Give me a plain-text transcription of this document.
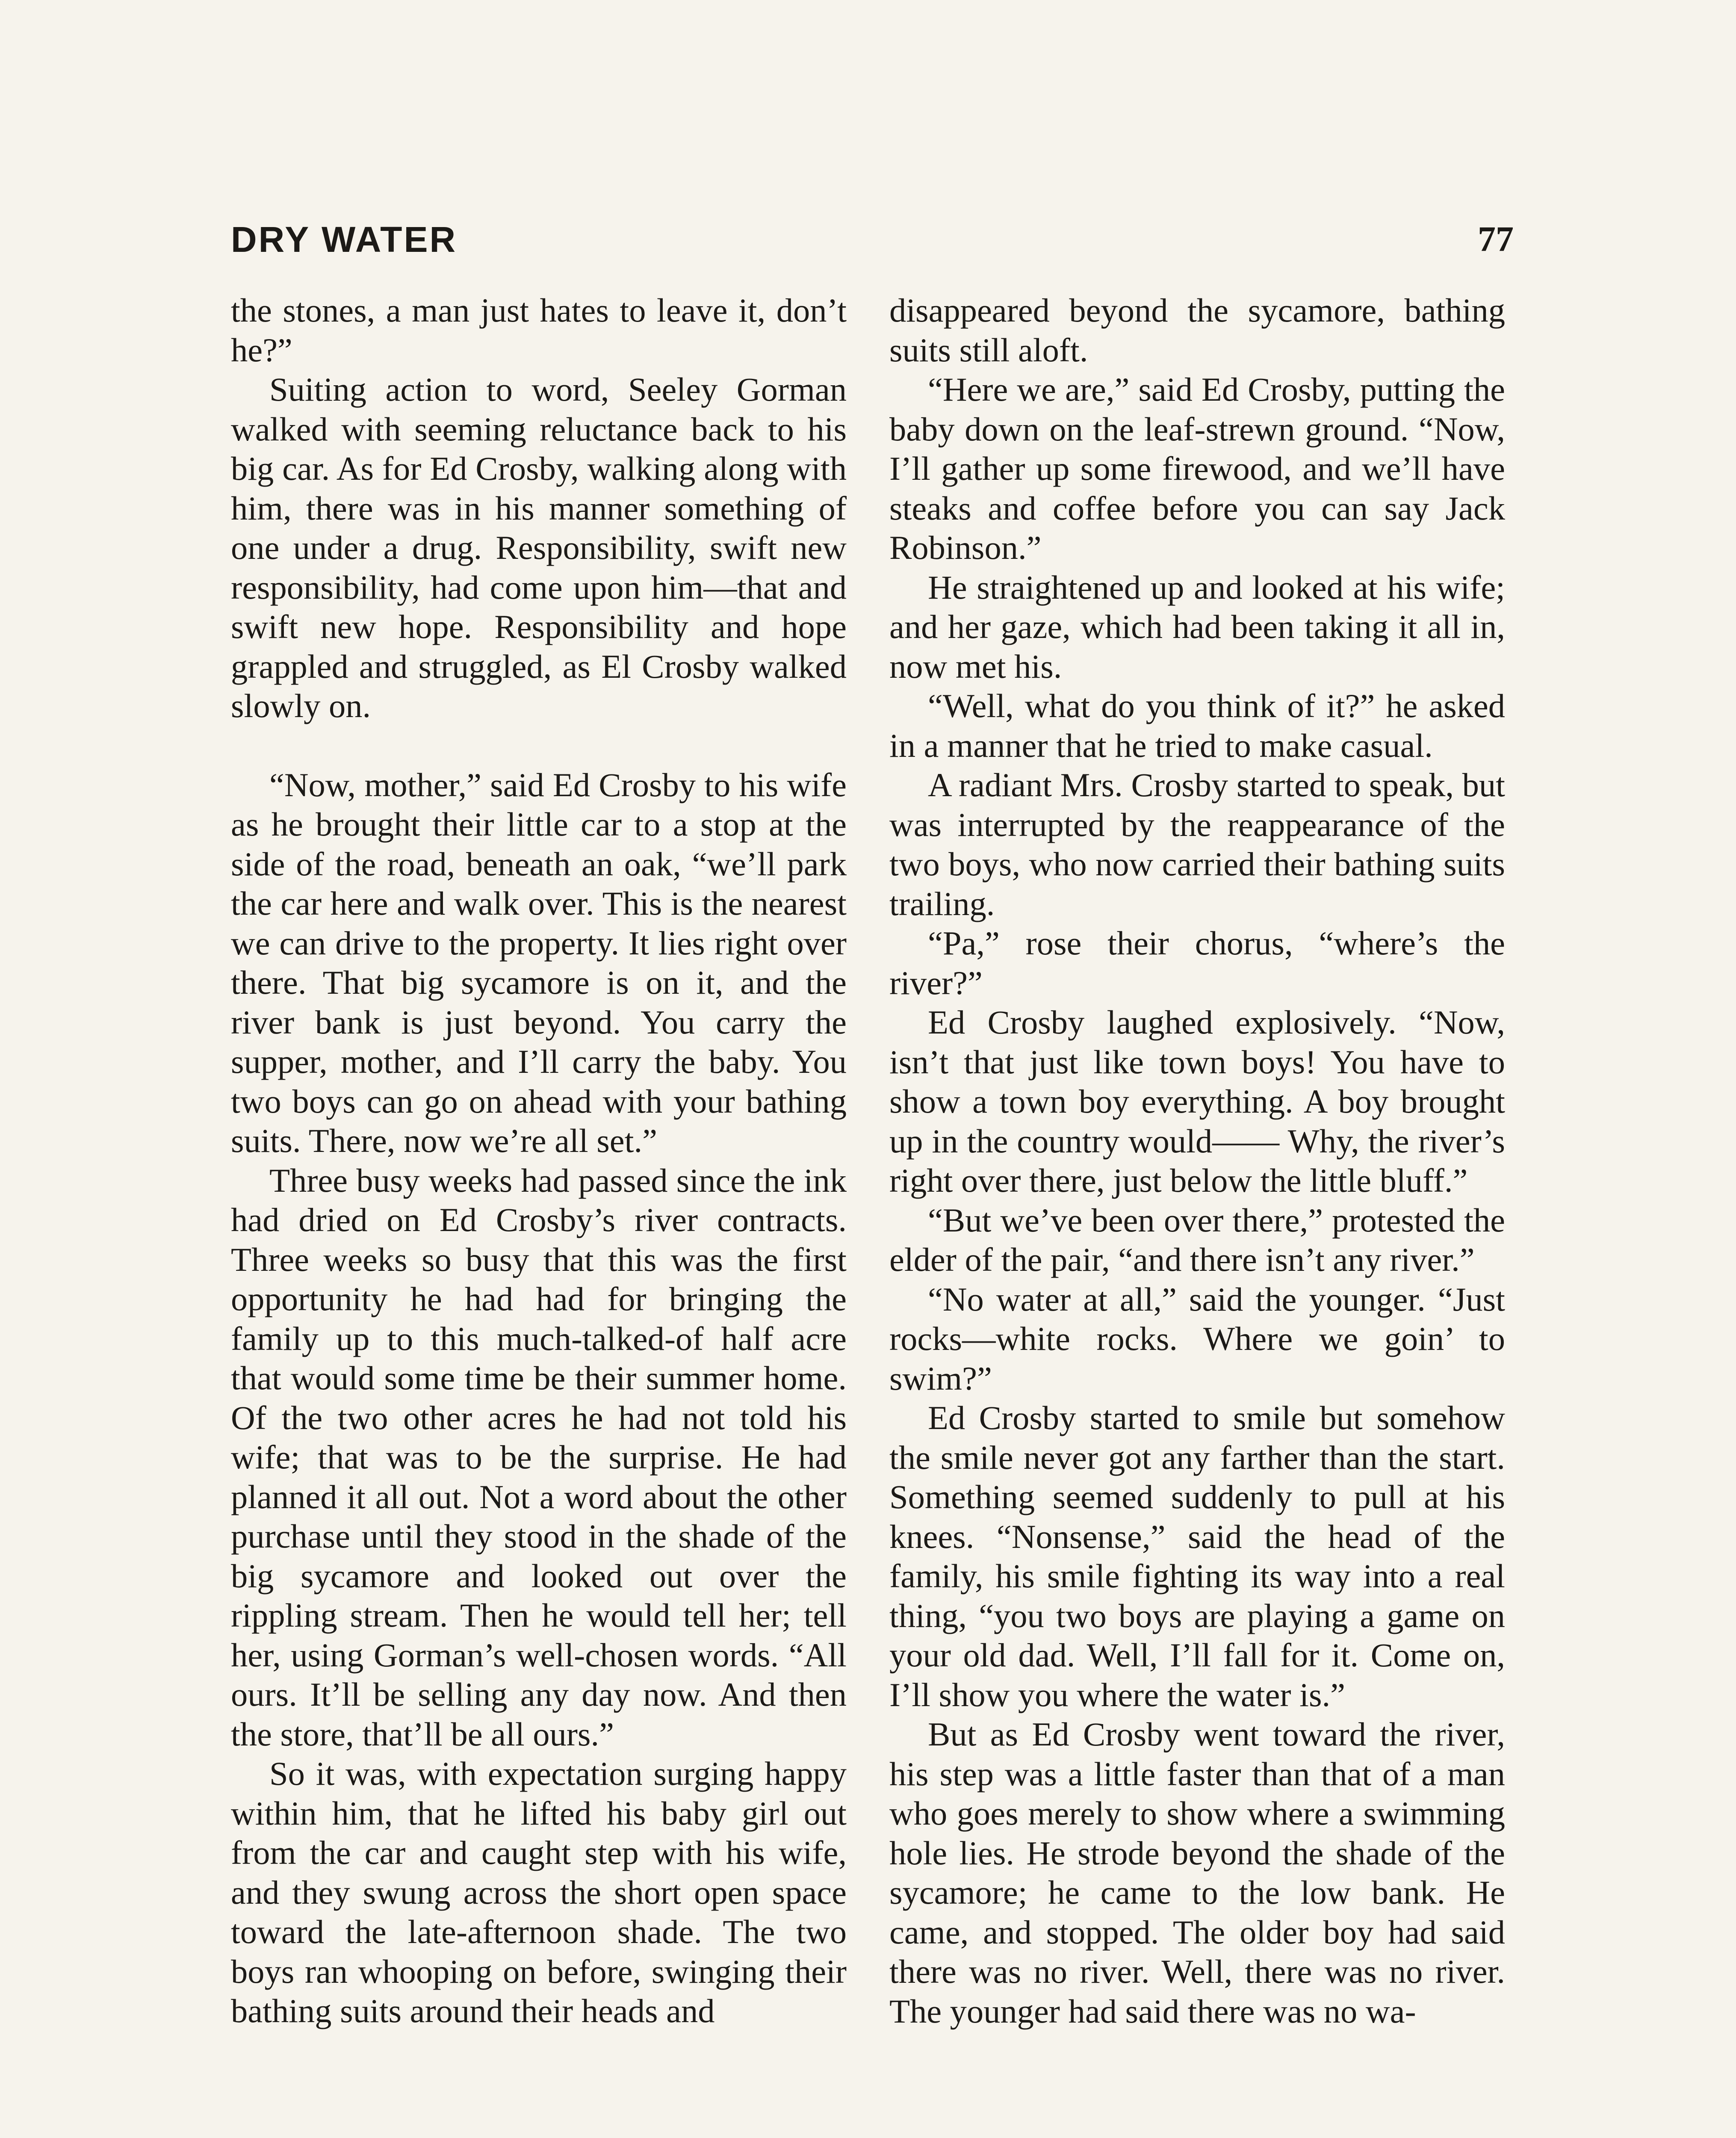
DRY WATER	77

the stones, a man just hates to leave it, don’t he?”

Suiting action to word, Seeley Gorman walked with seeming reluctance back to his big car. As for Ed Crosby, walking along with him, there was in his manner something of one under a drug. Responsibility, swift new responsibility, had come upon him—that and swift new hope. Responsibility and hope grappled and struggled, as El Crosby walked slowly on.

“Now, mother,” said Ed Crosby to his wife as he brought their little car to a stop at the side of the road, beneath an oak, “we’ll park the car here and walk over. This is the nearest we can drive to the property. It lies right over there. That big sycamore is on it, and the river bank is just beyond. You carry the supper, mother, and I’ll carry the baby. You two boys can go on ahead with your bathing suits. There, now we’re all set.”

Three busy weeks had passed since the ink had dried on Ed Crosby’s river contracts. Three weeks so busy that this was the first opportunity he had had for bringing the family up to this much-talked-of half acre that would some time be their summer home. Of the two other acres he had not told his wife; that was to be the surprise. He had planned it all out. Not a word about the other purchase until they stood in the shade of the big sycamore and looked out over the rippling stream. Then he would tell her; tell her, using Gorman’s well-chosen words. “All ours. It’ll be selling any day now. And then the store, that’ll be all ours.”

So it was, with expectation surging happy within him, that he lifted his baby girl out from the car and caught step with his wife, and they swung across the short open space toward the late-afternoon shade. The two boys ran whooping on before, swinging their bathing suits around their heads and

disappeared beyond the sycamore, bathing suits still aloft.

“Here we are,” said Ed Crosby, putting the baby down on the leaf-strewn ground. “Now, I’ll gather up some firewood, and we’ll have steaks and coffee before you can say Jack Robinson.”

He straightened up and looked at his wife; and her gaze, which had been taking it all in, now met his.

“Well, what do you think of it?” he asked in a manner that he tried to make casual.

A radiant Mrs. Crosby started to speak, but was interrupted by the reappearance of the two boys, who now carried their bathing suits trailing.

“Pa,” rose their chorus, “where’s the river?”

Ed Crosby laughed explosively. “Now, isn’t that just like town boys! You have to show a town boy everything. A boy brought up in the country would—— Why, the river’s right over there, just below the little bluff.”

“But we’ve been over there,” protested the elder of the pair, “and there isn’t any river.”

“No water at all,” said the younger. “Just rocks—white rocks. Where we goin’ to swim?”

Ed Crosby started to smile but somehow the smile never got any farther than the start. Something seemed suddenly to pull at his knees. “Nonsense,” said the head of the family, his smile fighting its way into a real thing, “you two boys are playing a game on your old dad. Well, I’ll fall for it. Come on, I’ll show you where the water is.”

But as Ed Crosby went toward the river, his step was a little faster than that of a man who goes merely to show where a swimming hole lies. He strode beyond the shade of the sycamore; he came to the low bank. He came, and stopped. The older boy had said there was no river. Well, there was no river. The younger had said there was no wa-
